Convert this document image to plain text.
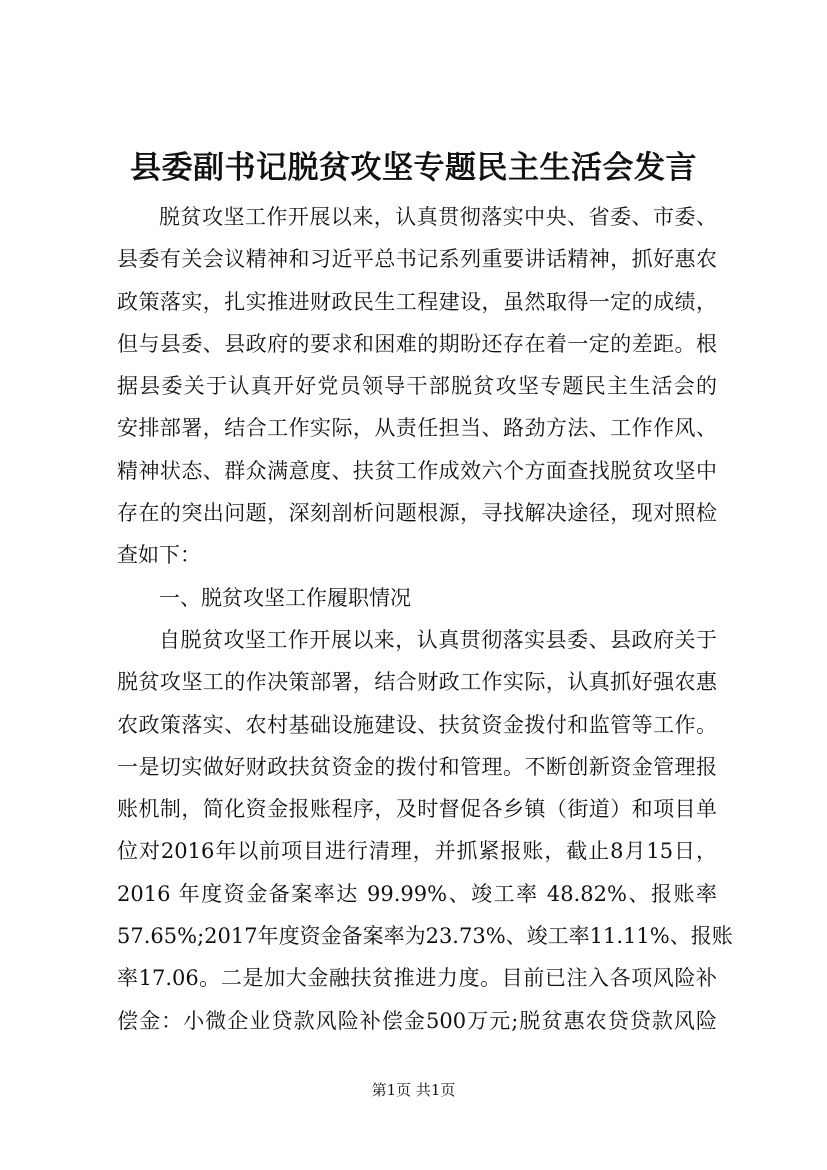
县委副书记脱贫攻坚专题民主生活会发言
脱贫攻坚工作开展以来，认真贯彻落实中央、省委、市委、
县委有关会议精神和习近平总书记系列重要讲话精神，抓好惠农
政策落实，扎实推进财政民生工程建设，虽然取得一定的成绩，
但与县委、县政府的要求和困难的期盼还存在着一定的差距。根
据县委关于认真开好党员领导干部脱贫攻坚专题民主生活会的
安排部署，结合工作实际，从责任担当、路劲方法、工作作风、
精神状态、群众满意度、扶贫工作成效六个方面查找脱贫攻坚中
存在的突出问题，深刻剖析问题根源，寻找解决途径，现对照检
查如下：
一、脱贫攻坚工作履职情况
自脱贫攻坚工作开展以来，认真贯彻落实县委、县政府关于
脱贫攻坚工的作决策部署，结合财政工作实际，认真抓好强农惠
农政策落实、农村基础设施建设、扶贫资金拨付和监管等工作。
一是切实做好财政扶贫资金的拨付和管理。不断创新资金管理报
账机制，简化资金报账程序，及时督促各乡镇（街道）和项目单
位对2016年以前项目进行清理，并抓紧报账，截止8月15日，
2016 年度资金备案率达 99.99%、竣工率 48.82%、报账率
57.65%;2017年度资金备案率为23.73%、竣工率11.11%、报账
率17.06。二是加大金融扶贫推进力度。目前已注入各项风险补
偿金：小微企业贷款风险补偿金500万元;脱贫惠农贷贷款风险
第1页 共1页
